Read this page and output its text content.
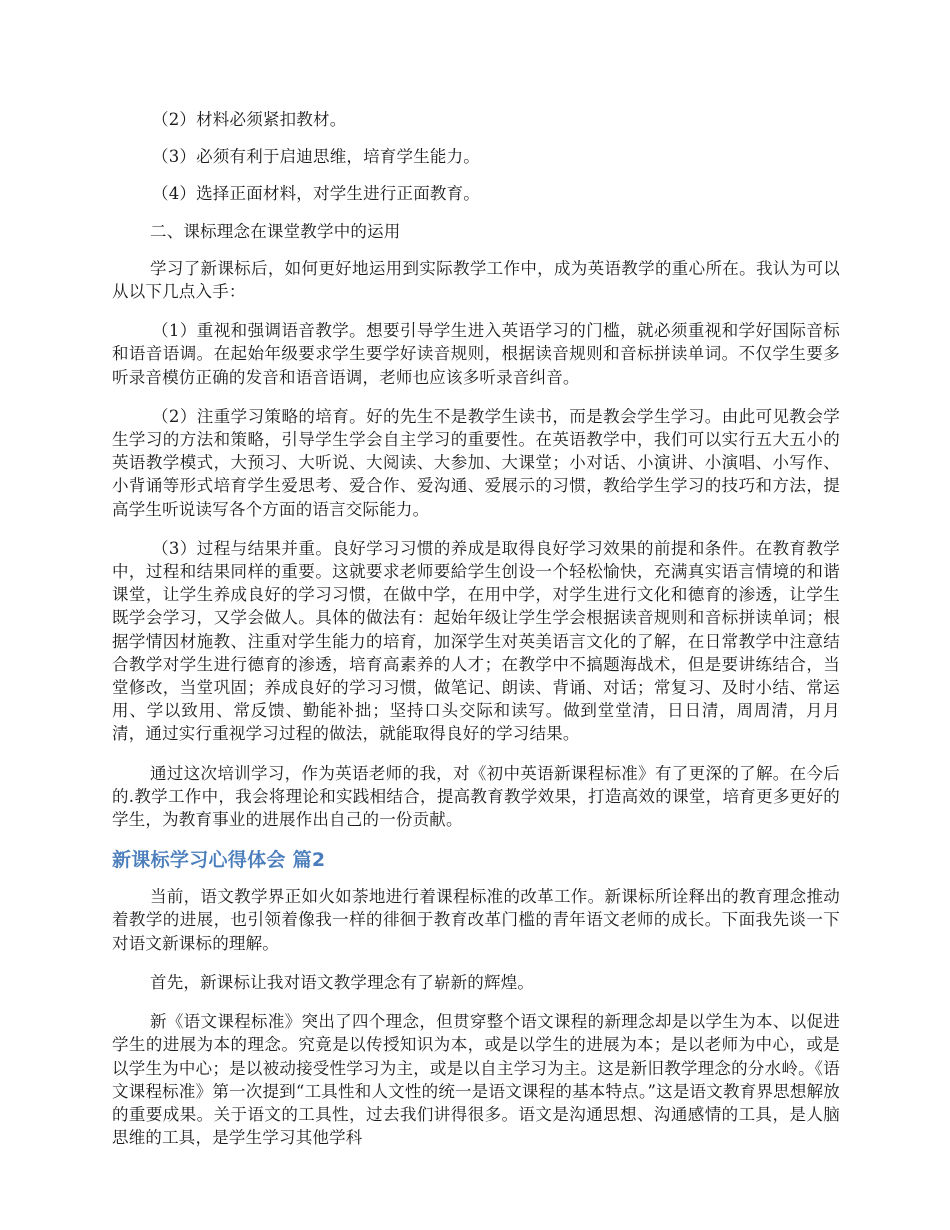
（2）材料必须紧扣教材。

（3）必须有利于启迪思维，培育学生能力。

（4）选择正面材料，对学生进行正面教育。

二、课标理念在课堂教学中的运用

学习了新课标后，如何更好地运用到实际教学工作中，成为英语教学的重心所在。我认为可以从以下几点入手：

（1）重视和强调语音教学。想要引导学生进入英语学习的门槛，就必须重视和学好国际音标和语音语调。在起始年级要求学生要学好读音规则，根据读音规则和音标拼读单词。不仅学生要多听录音模仿正确的发音和语音语调，老师也应该多听录音纠音。

（2）注重学习策略的培育。好的先生不是教学生读书，而是教会学生学习。由此可见教会学生学习的方法和策略，引导学生学会自主学习的重要性。在英语教学中，我们可以实行五大五小的英语教学模式，大预习、大听说、大阅读、大参加、大课堂；小对话、小演讲、小演唱、小写作、小背诵等形式培育学生爱思考、爱合作、爱沟通、爱展示的习惯，教给学生学习的技巧和方法，提高学生听说读写各个方面的语言交际能力。

（3）过程与结果并重。良好学习习惯的养成是取得良好学习效果的前提和条件。在教育教学中，过程和结果同样的重要。这就要求老师要給学生创设一个轻松愉快，充满真实语言情境的和谐课堂，让学生养成良好的学习习惯，在做中学，在用中学，对学生进行文化和德育的渗透，让学生既学会学习，又学会做人。具体的做法有：起始年级让学生学会根据读音规则和音标拼读单词；根据学情因材施教、注重对学生能力的培育，加深学生对英美语言文化的了解，在日常教学中注意结合教学对学生进行德育的渗透，培育高素养的人才；在教学中不搞题海战术，但是要讲练结合，当堂修改，当堂巩固；养成良好的学习习惯，做笔记、朗读、背诵、对话；常复习、及时小结、常运用、学以致用、常反馈、勤能补拙；坚持口头交际和读写。做到堂堂清，日日清，周周清，月月清，通过实行重视学习过程的做法，就能取得良好的学习结果。

通过这次培训学习，作为英语老师的我，对《初中英语新课程标准》有了更深的了解。在今后的.教学工作中，我会将理论和实践相结合，提高教育教学效果，打造高效的课堂，培育更多更好的学生，为教育事业的进展作出自己的一份贡献。

新课标学习心得体会 篇2

当前，语文教学界正如火如荼地进行着课程标准的改革工作。新课标所诠释出的教育理念推动着教学的进展，也引领着像我一样的徘徊于教育改革门槛的青年语文老师的成长。下面我先谈一下对语文新课标的理解。

首先，新课标让我对语文教学理念有了崭新的辉煌。

新《语文课程标准》突出了四个理念，但贯穿整个语文课程的新理念却是以学生为本、以促进学生的进展为本的理念。究竟是以传授知识为本，或是以学生的进展为本；是以老师为中心，或是以学生为中心；是以被动接受性学习为主，或是以自主学习为主。这是新旧教学理念的分水岭。《语文课程标准》第一次提到“工具性和人文性的统一是语文课程的基本特点。”这是语文教育界思想解放的重要成果。关于语文的工具性，过去我们讲得很多。语文是沟通思想、沟通感情的工具，是人脑思维的工具，是学生学习其他学科
